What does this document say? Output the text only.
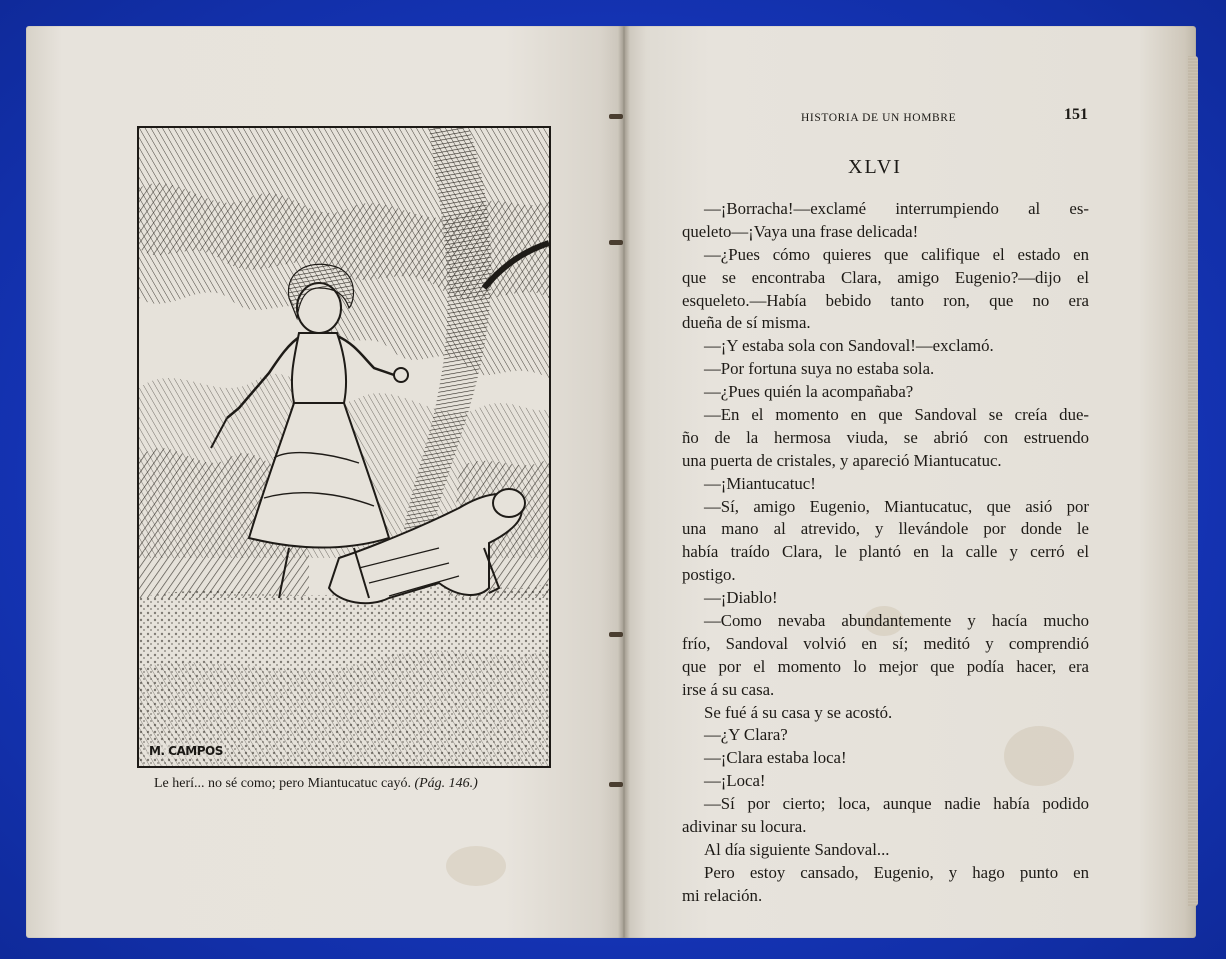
M. CAMPOS
Le herí... no sé como; pero Miantucatuc cayó. (Pág. 146.)
HISTORIA DE UN HOMBRE	151
XLVI
—¡Borracha!—exclamé interrumpiendo al es-
queleto—¡Vaya una frase delicada!
—¿Pues cómo quieres que califique el estado en
que se encontraba Clara, amigo Eugenio?—dijo el
esqueleto.—Había bebido tanto ron, que no era
dueña de sí misma.
—¡Y estaba sola con Sandoval!—exclamó.
—Por fortuna suya no estaba sola.
—¿Pues quién la acompañaba?
—En el momento en que Sandoval se creía due-
ño de la hermosa viuda, se abrió con estruendo
una puerta de cristales, y apareció Miantucatuc.
—¡Miantucatuc!
—Sí, amigo Eugenio, Miantucatuc, que asió por
una mano al atrevido, y llevándole por donde le
había traído Clara, le plantó en la calle y cerró el
postigo.
—¡Diablo!
—Como nevaba abundantemente y hacía mucho
frío, Sandoval volvió en sí; meditó y comprendió
que por el momento lo mejor que podía hacer, era
irse á su casa.
Se fué á su casa y se acostó.
—¿Y Clara?
—¡Clara estaba loca!
—¡Loca!
—Sí por cierto; loca, aunque nadie había podido
adivinar su locura.
Al día siguiente Sandoval...
Pero estoy cansado, Eugenio, y hago punto en
mi relación.
